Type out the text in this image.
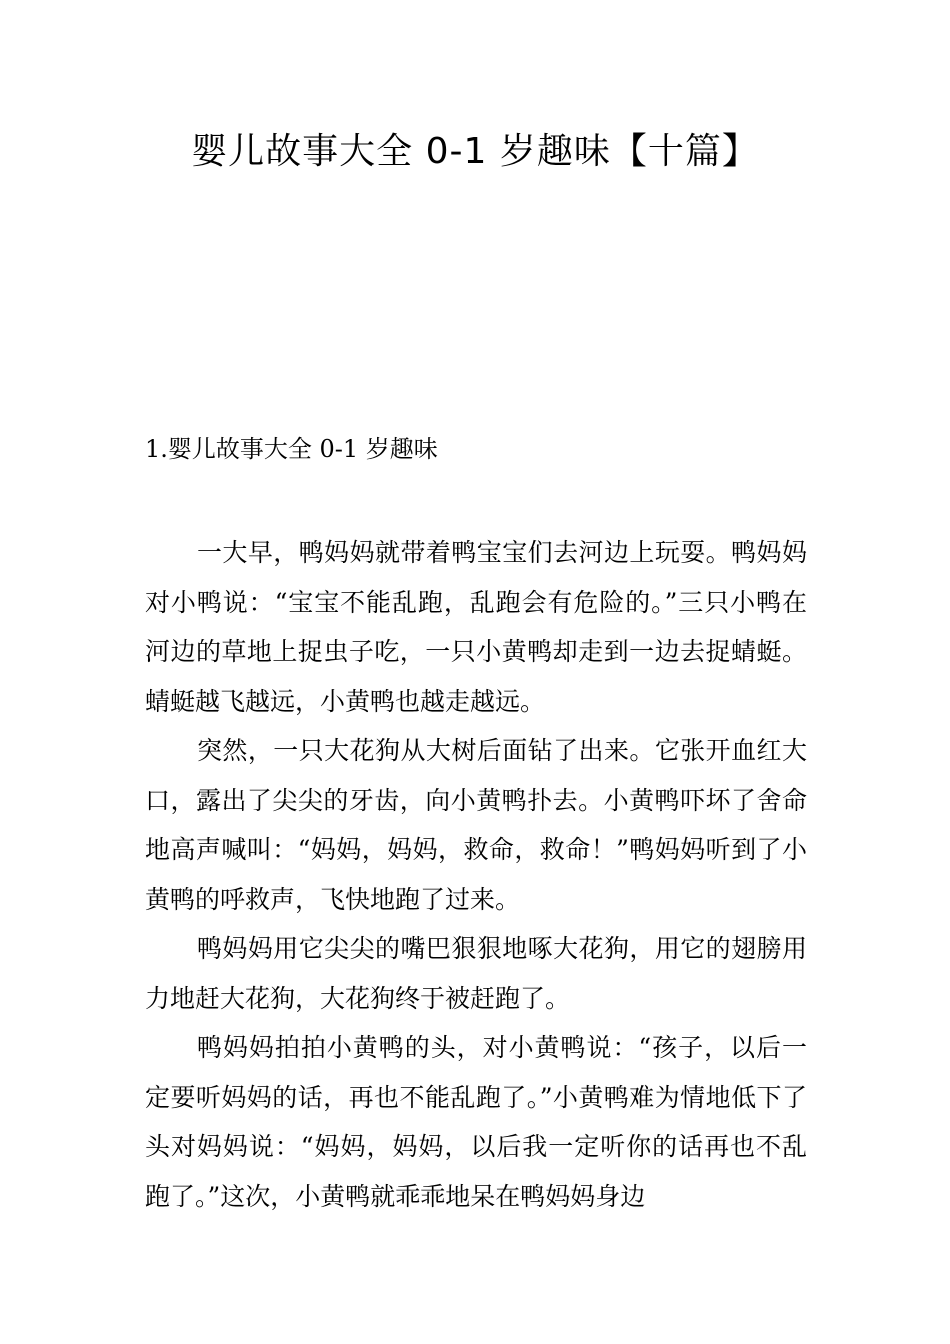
婴儿故事大全 0-1 岁趣味【十篇】
1.婴儿故事大全 0-1 岁趣味

一大早，鸭妈妈就带着鸭宝宝们去河边上玩耍。鸭妈妈对小鸭说：“宝宝不能乱跑，乱跑会有危险的。”三只小鸭在河边的草地上捉虫子吃，一只小黄鸭却走到一边去捉蜻蜓。蜻蜓越飞越远，小黄鸭也越走越远。

突然，一只大花狗从大树后面钻了出来。它张开血红大口，露出了尖尖的牙齿，向小黄鸭扑去。小黄鸭吓坏了舍命地高声喊叫：“妈妈，妈妈，救命，救命！”鸭妈妈听到了小黄鸭的呼救声，飞快地跑了过来。

鸭妈妈用它尖尖的嘴巴狠狠地啄大花狗，用它的翅膀用力地赶大花狗，大花狗终于被赶跑了。

鸭妈妈拍拍小黄鸭的头，对小黄鸭说：“孩子，以后一定要听妈妈的话，再也不能乱跑了。”小黄鸭难为情地低下了头对妈妈说：“妈妈，妈妈，以后我一定听你的话再也不乱跑了。”这次，小黄鸭就乖乖地呆在鸭妈妈身边
